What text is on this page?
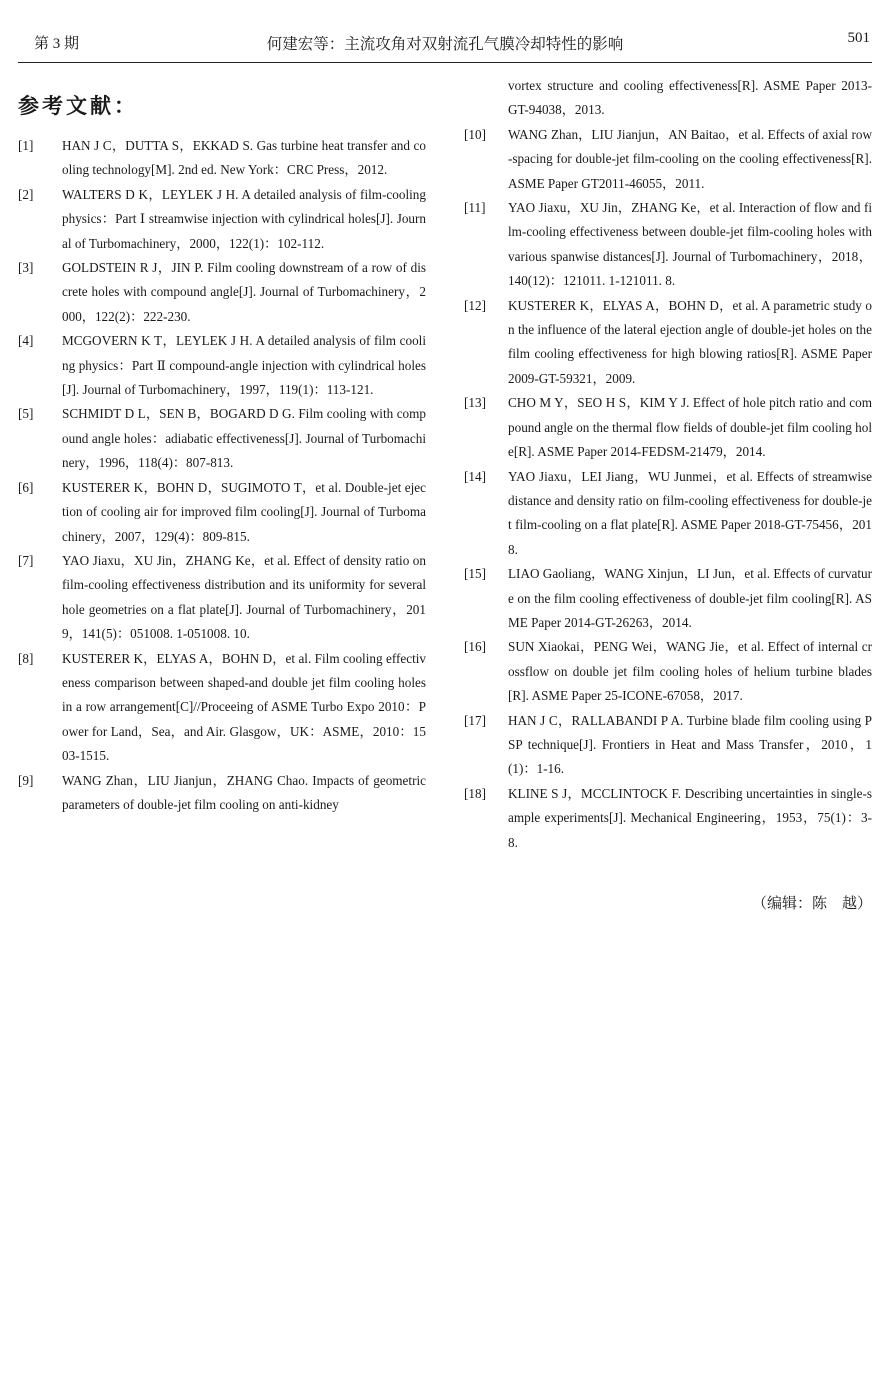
第 3 期	何建宏等：主流攻角对双射流孔气膜冷却特性的影响	501
参考文献：
[1]	HAN J C，DUTTA S，EKKAD S. Gas turbine heat transfer and cooling technology[M]. 2nd ed. New York：CRC Press，2012.
[2]	WALTERS D K，LEYLEK J H. A detailed analysis of film-cooling physics：Part Ⅰ streamwise injection with cylindrical holes[J]. Journal of Turbomachinery，2000，122(1)：102-112.
[3]	GOLDSTEIN R J，JIN P. Film cooling downstream of a row of discrete holes with compound angle[J]. Journal of Turbomachinery，2000，122(2)：222-230.
[4]	MCGOVERN K T，LEYLEK J H. A detailed analysis of film cooling physics：Part Ⅱ compound-angle injection with cylindrical holes[J]. Journal of Turbomachinery，1997，119(1)：113-121.
[5]	SCHMIDT D L，SEN B，BOGARD D G. Film cooling with compound angle holes：adiabatic effectiveness[J]. Journal of Turbomachinery，1996，118(4)：807-813.
[6]	KUSTERER K，BOHN D，SUGIMOTO T，et al. Double-jet ejection of cooling air for improved film cooling[J]. Journal of Turbomachinery，2007，129(4)：809-815.
[7]	YAO Jiaxu，XU Jin，ZHANG Ke，et al. Effect of density ratio on film-cooling effectiveness distribution and its uniformity for several hole geometries on a flat plate[J]. Journal of Turbomachinery，2019，141(5)：051008. 1-051008. 10.
[8]	KUSTERER K，ELYAS A，BOHN D，et al. Film cooling effectiveness comparison between shaped-and double jet film cooling holes in a row arrangement[C]//Proceeing of ASME Turbo Expo 2010：Power for Land，Sea，and Air. Glasgow，UK：ASME，2010：1503-1515.
[9]	WANG Zhan，LIU Jianjun，ZHANG Chao. Impacts of geometric parameters of double-jet film cooling on anti-kidney
vortex structure and cooling effectiveness[R]. ASME Paper 2013-GT-94038，2013.
[10]	WANG Zhan，LIU Jianjun，AN Baitao，et al. Effects of axial row-spacing for double-jet film-cooling on the cooling effectiveness[R]. ASME Paper GT2011-46055，2011.
[11]	YAO Jiaxu，XU Jin，ZHANG Ke，et al. Interaction of flow and film-cooling effectiveness between double-jet film-cooling holes with various spanwise distances[J]. Journal of Turbomachinery，2018，140(12)：121011. 1-121011. 8.
[12]	KUSTERER K，ELYAS A，BOHN D，et al. A parametric study on the influence of the lateral ejection angle of double-jet holes on the film cooling effectiveness for high blowing ratios[R]. ASME Paper 2009-GT-59321，2009.
[13]	CHO M Y，SEO H S，KIM Y J. Effect of hole pitch ratio and compound angle on the thermal flow fields of double-jet film cooling hole[R]. ASME Paper 2014-FEDSM-21479，2014.
[14]	YAO Jiaxu，LEI Jiang，WU Junmei，et al. Effects of streamwise distance and density ratio on film-cooling effectiveness for double-jet film-cooling on a flat plate[R]. ASME Paper 2018-GT-75456，2018.
[15]	LIAO Gaoliang，WANG Xinjun，LI Jun，et al. Effects of curvature on the film cooling effectiveness of double-jet film cooling[R]. ASME Paper 2014-GT-26263，2014.
[16]	SUN Xiaokai，PENG Wei，WANG Jie，et al. Effect of internal crossflow on double jet film cooling holes of helium turbine blades[R]. ASME Paper 25-ICONE-67058，2017.
[17]	HAN J C，RALLABANDI P A. Turbine blade film cooling using PSP technique[J]. Frontiers in Heat and Mass Transfer，2010，1(1)：1-16.
[18]	KLINE S J，MCCLINTOCK F. Describing uncertainties in single-sample experiments[J]. Mechanical Engineering，1953，75(1)：3-8.
（编辑：陈　越）
